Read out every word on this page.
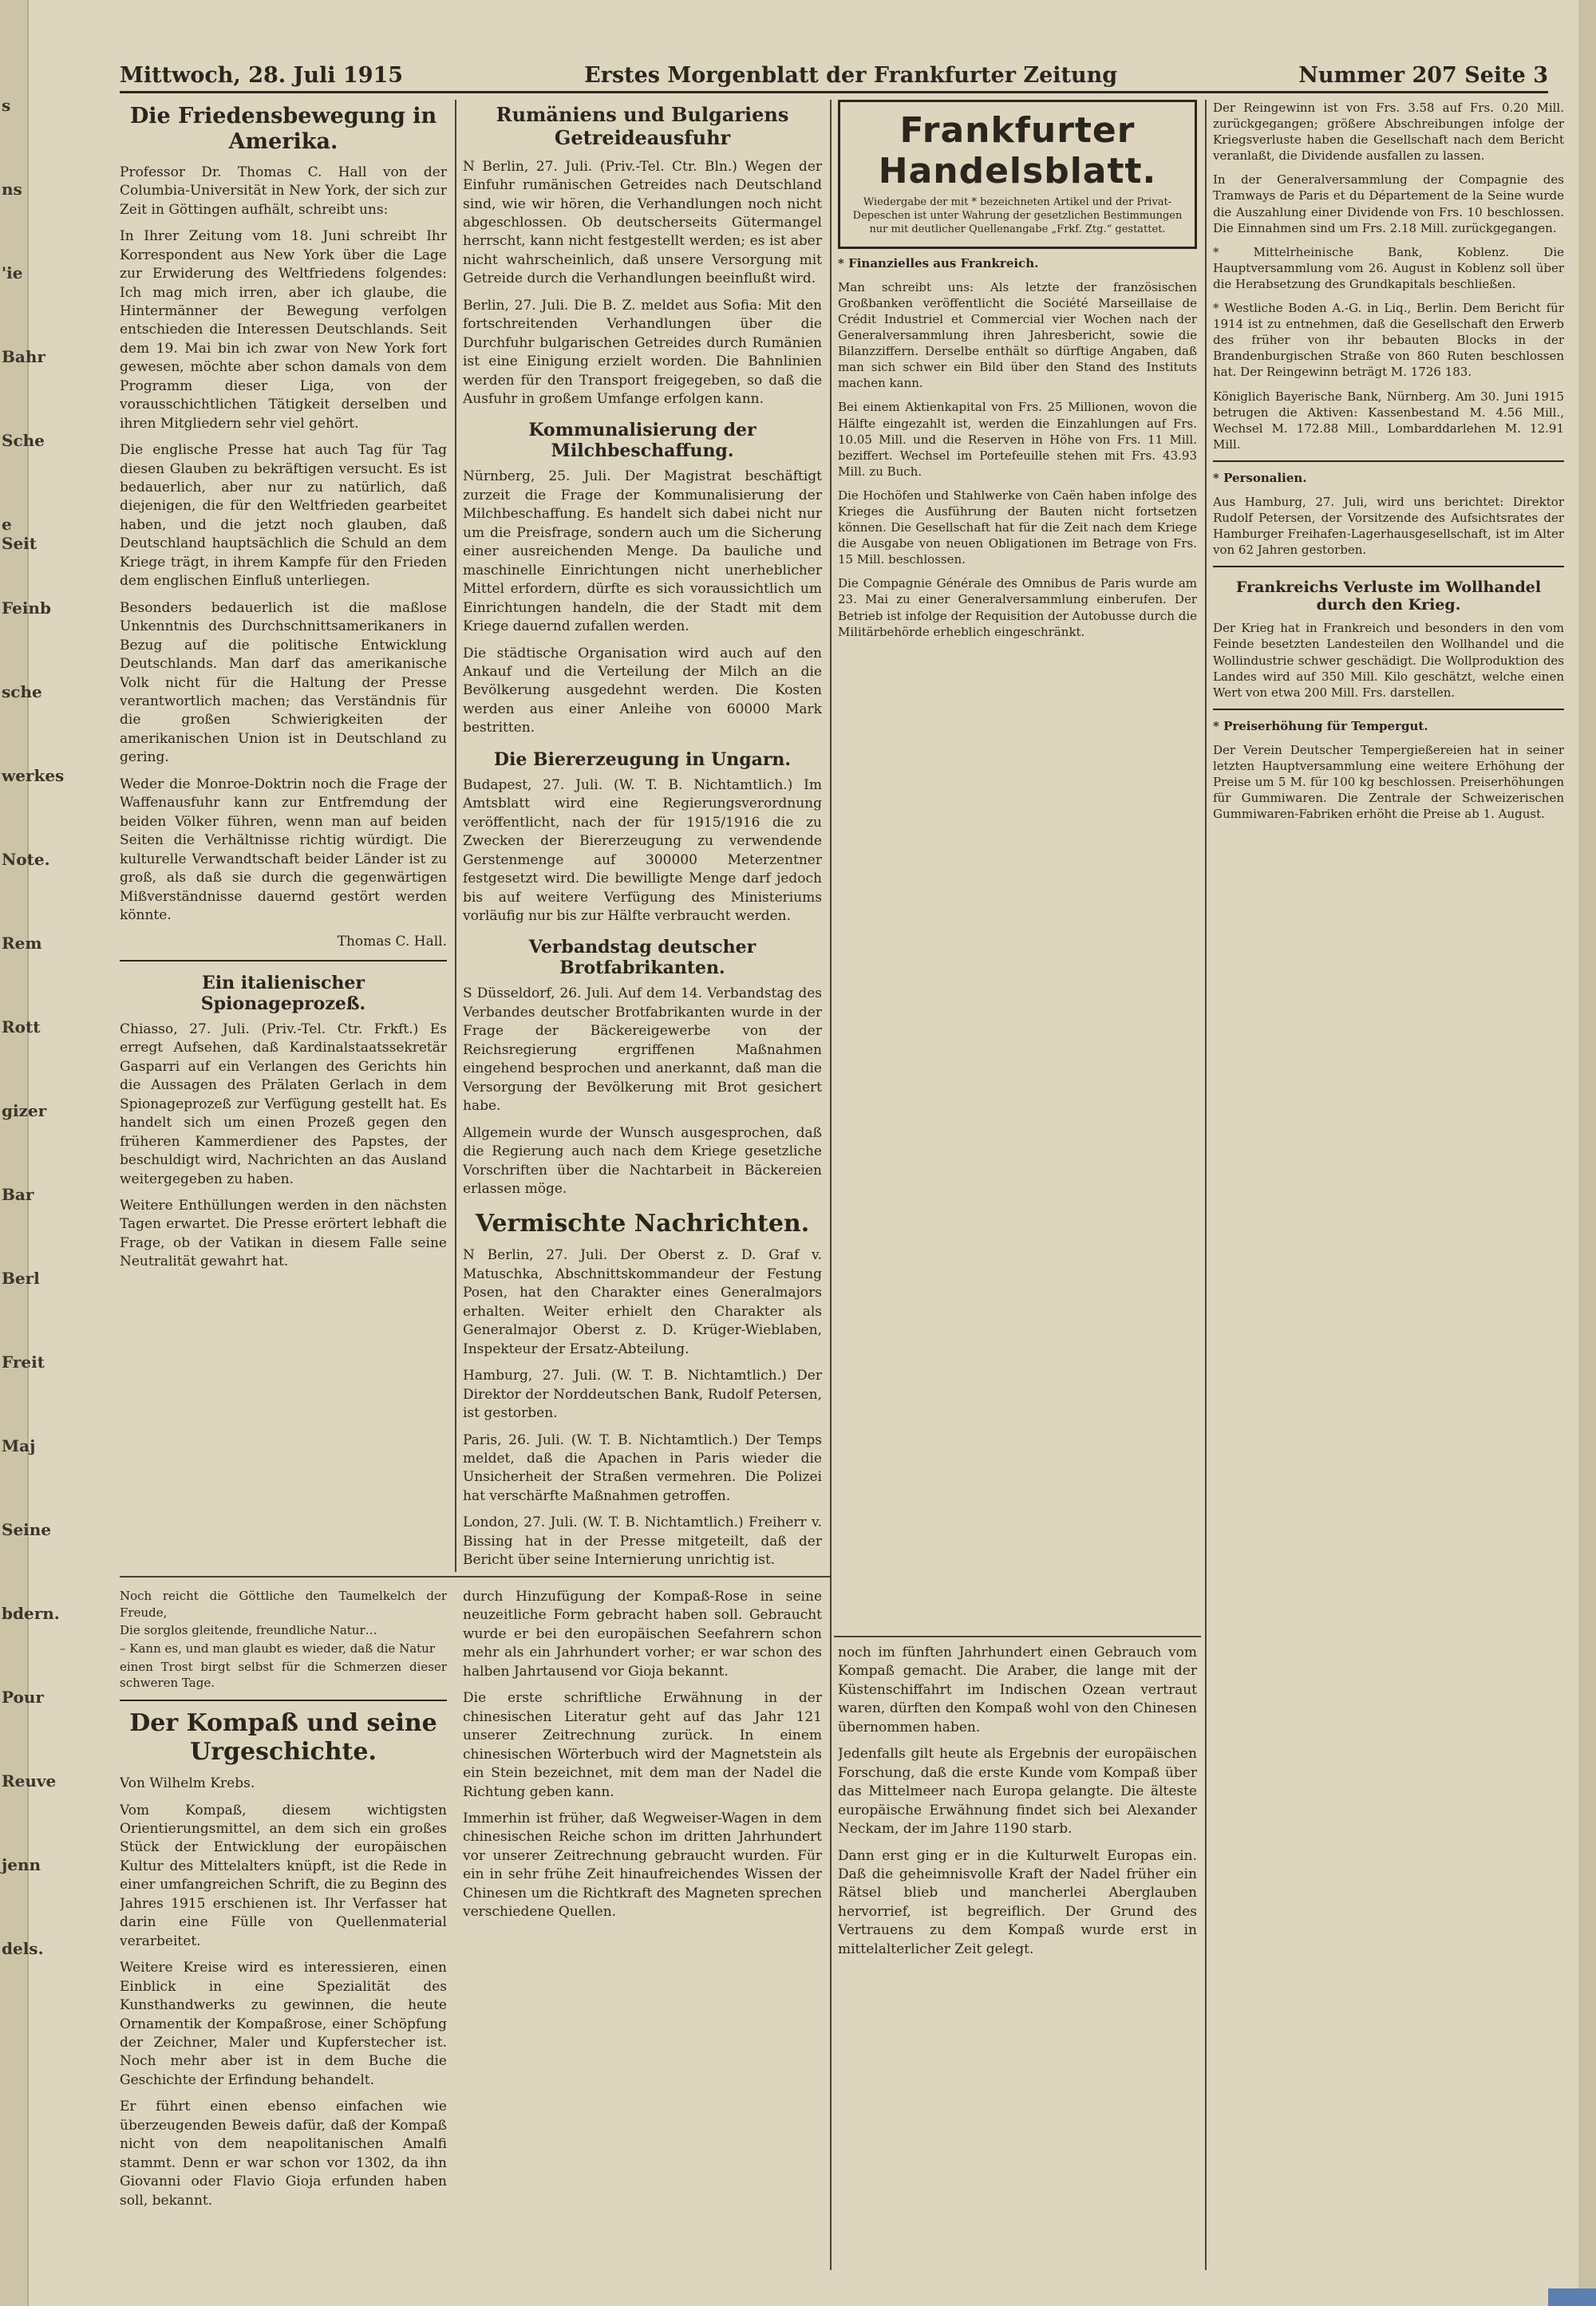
s
ns
'ie
Bahr
Sche
e Seit
Feinb
sche
werkes
Note.
Rem
Rott
gizer
Bar
Berl
Freit
Maj
Seine
bdern.
Pour
Reuve
jenn
dels.
Mittwoch, 28. Juli 1915	Erstes Morgenblatt der Frankfurter Zeitung	Nummer 207 Seite 3
Die Friedensbewegung in Amerika.

Professor Dr. Thomas C. Hall von der Columbia-Universität in New York, der sich zur Zeit in Göttingen aufhält, schreibt uns:

In Ihrer Zeitung vom 18. Juni schreibt Ihr Korrespondent aus New York über die Lage zur Erwiderung des Weltfriedens folgendes: Ich mag mich irren, aber ich glaube, die Hintermänner der Bewegung verfolgen entschieden die Interessen Deutschlands. Seit dem 19. Mai bin ich zwar von New York fort gewesen, möchte aber schon damals von dem Programm dieser Liga, von der vorausschichtlichen Tätigkeit derselben und ihren Mitgliedern sehr viel gehört.

Die englische Presse hat auch Tag für Tag diesen Glauben zu bekräftigen versucht. Es ist bedauerlich, aber nur zu natürlich, daß diejenigen, die für den Weltfrieden gearbeitet haben, und die jetzt noch glauben, daß Deutschland hauptsächlich die Schuld an dem Kriege trägt, in ihrem Kampfe für den Frieden dem englischen Einfluß unterliegen.

Besonders bedauerlich ist die maßlose Unkenntnis des Durchschnittsamerikaners in Bezug auf die politische Entwicklung Deutschlands. Man darf das amerikanische Volk nicht für die Haltung der Presse verantwortlich machen; das Verständnis für die großen Schwierigkeiten der amerikanischen Union ist in Deutschland zu gering.

Weder die Monroe-Doktrin noch die Frage der Waffenausfuhr kann zur Entfremdung der beiden Völker führen, wenn man auf beiden Seiten die Verhältnisse richtig würdigt. Die kulturelle Verwandtschaft beider Länder ist zu groß, als daß sie durch die gegenwärtigen Mißverständnisse dauernd gestört werden könnte.

Thomas C. Hall.

Ein italienischer Spionageprozeß.

Chiasso, 27. Juli. (Priv.-Tel. Ctr. Frkft.) Es erregt Aufsehen, daß Kardinalstaatssekretär Gasparri auf ein Verlangen des Gerichts hin die Aussagen des Prälaten Gerlach in dem Spionageprozeß zur Verfügung gestellt hat. Es handelt sich um einen Prozeß gegen den früheren Kammerdiener des Papstes, der beschuldigt wird, Nachrichten an das Ausland weitergegeben zu haben.

Weitere Enthüllungen werden in den nächsten Tagen erwartet. Die Presse erörtert lebhaft die Frage, ob der Vatikan in diesem Falle seine Neutralität gewahrt hat.

Rumäniens und Bulgariens Getreideausfuhr

N Berlin, 27. Juli. (Priv.-Tel. Ctr. Bln.) Wegen der Einfuhr rumänischen Getreides nach Deutschland sind, wie wir hören, die Verhandlungen noch nicht abgeschlossen. Ob deutscherseits Gütermangel herrscht, kann nicht festgestellt werden; es ist aber nicht wahrscheinlich, daß unsere Versorgung mit Getreide durch die Verhandlungen beeinflußt wird.

Berlin, 27. Juli. Die B. Z. meldet aus Sofia: Mit den fortschreitenden Verhandlungen über die Durchfuhr bulgarischen Getreides durch Rumänien ist eine Einigung erzielt worden. Die Bahnlinien werden für den Transport freigegeben, so daß die Ausfuhr in großem Umfange erfolgen kann.

Kommunalisierung der Milchbeschaffung.

Nürnberg, 25. Juli. Der Magistrat beschäftigt zurzeit die Frage der Kommunalisierung der Milchbeschaffung. Es handelt sich dabei nicht nur um die Preisfrage, sondern auch um die Sicherung einer ausreichenden Menge. Da bauliche und maschinelle Einrichtungen nicht unerheblicher Mittel erfordern, dürfte es sich voraussichtlich um Einrichtungen handeln, die der Stadt mit dem Kriege dauernd zufallen werden.

Die städtische Organisation wird auch auf den Ankauf und die Verteilung der Milch an die Bevölkerung ausgedehnt werden. Die Kosten werden aus einer Anleihe von 60000 Mark bestritten.

Die Biererzeugung in Ungarn.

Budapest, 27. Juli. (W. T. B. Nichtamtlich.) Im Amtsblatt wird eine Regierungsverordnung veröffentlicht, nach der für 1915/1916 die zu Zwecken der Biererzeugung zu verwendende Gerstenmenge auf 300000 Meterzentner festgesetzt wird. Die bewilligte Menge darf jedoch bis auf weitere Verfügung des Ministeriums vorläufig nur bis zur Hälfte verbraucht werden.

Verbandstag deutscher Brotfabrikanten.

S Düsseldorf, 26. Juli. Auf dem 14. Verbandstag des Verbandes deutscher Brotfabrikanten wurde in der Frage der Bäckereigewerbe von der Reichsregierung ergriffenen Maßnahmen eingehend besprochen und anerkannt, daß man die Versorgung der Bevölkerung mit Brot gesichert habe.

Allgemein wurde der Wunsch ausgesprochen, daß die Regierung auch nach dem Kriege gesetzliche Vorschriften über die Nachtarbeit in Bäckereien erlassen möge.

Vermischte Nachrichten.

N Berlin, 27. Juli. Der Oberst z. D. Graf v. Matuschka, Abschnittskommandeur der Festung Posen, hat den Charakter eines Generalmajors erhalten. Weiter erhielt den Charakter als Generalmajor Oberst z. D. Krüger-Wieblaben, Inspekteur der Ersatz-Abteilung.

Hamburg, 27. Juli. (W. T. B. Nichtamtlich.) Der Direktor der Norddeutschen Bank, Rudolf Petersen, ist gestorben.

Paris, 26. Juli. (W. T. B. Nichtamtlich.) Der Temps meldet, daß die Apachen in Paris wieder die Unsicherheit der Straßen vermehren. Die Polizei hat verschärfte Maßnahmen getroffen.

London, 27. Juli. (W. T. B. Nichtamtlich.) Freiherr v. Bissing hat in der Presse mitgeteilt, daß der Bericht über seine Internierung unrichtig ist.

Frankfurter Handelsblatt.
Wiedergabe der mit * bezeichneten Artikel und der Privat-Depeschen ist unter Wahrung der gesetzlichen Bestimmungen nur mit deutlicher Quellenangabe „Frkf. Ztg.“ gestattet.

* Finanzielles aus Frankreich.

Man schreibt uns: Als letzte der französischen Großbanken veröffentlicht die Société Marseillaise de Crédit Industriel et Commercial vier Wochen nach der Generalversammlung ihren Jahresbericht, sowie die Bilanzziffern. Derselbe enthält so dürftige Angaben, daß man sich schwer ein Bild über den Stand des Instituts machen kann.

Bei einem Aktienkapital von Frs. 25 Millionen, wovon die Hälfte eingezahlt ist, werden die Einzahlungen auf Frs. 10.05 Mill. und die Reserven in Höhe von Frs. 11 Mill. beziffert. Wechsel im Portefeuille stehen mit Frs. 43.93 Mill. zu Buch.

Die Hochöfen und Stahlwerke von Caën haben infolge des Krieges die Ausführung der Bauten nicht fortsetzen können. Die Gesellschaft hat für die Zeit nach dem Kriege die Ausgabe von neuen Obligationen im Betrage von Frs. 15 Mill. beschlossen.

Die Compagnie Générale des Omnibus de Paris wurde am 23. Mai zu einer Generalversammlung einberufen. Der Betrieb ist infolge der Requisition der Autobusse durch die Militärbehörde erheblich eingeschränkt.

Der Reingewinn ist von Frs. 3.58 auf Frs. 0.20 Mill. zurückgegangen; größere Abschreibungen infolge der Kriegsverluste haben die Gesellschaft nach dem Bericht veranlaßt, die Dividende ausfallen zu lassen.

In der Generalversammlung der Compagnie des Tramways de Paris et du Département de la Seine wurde die Auszahlung einer Dividende von Frs. 10 beschlossen. Die Einnahmen sind um Frs. 2.18 Mill. zurückgegangen.

* Mittelrheinische Bank, Koblenz. Die Hauptversammlung vom 26. August in Koblenz soll über die Herabsetzung des Grundkapitals beschließen.

* Westliche Boden A.-G. in Liq., Berlin. Dem Bericht für 1914 ist zu entnehmen, daß die Gesellschaft den Erwerb des früher von ihr bebauten Blocks in der Brandenburgischen Straße von 860 Ruten beschlossen hat. Der Reingewinn beträgt M. 1726 183.

Königlich Bayerische Bank, Nürnberg. Am 30. Juni 1915 betrugen die Aktiven: Kassenbestand M. 4.56 Mill., Wechsel M. 172.88 Mill., Lombarddarlehen M. 12.91 Mill.

* Personalien.

Aus Hamburg, 27. Juli, wird uns berichtet: Direktor Rudolf Petersen, der Vorsitzende des Aufsichtsrates der Hamburger Freihafen-Lagerhausgesellschaft, ist im Alter von 62 Jahren gestorben.

Frankreichs Verluste im Wollhandel durch den Krieg.

Der Krieg hat in Frankreich und besonders in den vom Feinde besetzten Landesteilen den Wollhandel und die Wollindustrie schwer geschädigt. Die Wollproduktion des Landes wird auf 350 Mill. Kilo geschätzt, welche einen Wert von etwa 200 Mill. Frs. darstellen.

* Preiserhöhung für Tempergut.

Der Verein Deutscher Tempergießereien hat in seiner letzten Hauptversammlung eine weitere Erhöhung der Preise um 5 M. für 100 kg beschlossen. Preiserhöhungen für Gummiwaren. Die Zentrale der Schweizerischen Gummiwaren-Fabriken erhöht die Preise ab 1. August.

Noch reicht die Göttliche den Taumelkelch der Freude,

Die sorglos gleitende, freundliche Natur…

– Kann es, und man glaubt es wieder, daß die Natur

einen Trost birgt selbst für die Schmerzen dieser schweren Tage.

Der Kompaß und seine Urgeschichte.

Von Wilhelm Krebs.

Vom Kompaß, diesem wichtigsten Orientierungsmittel, an dem sich ein großes Stück der Entwicklung der europäischen Kultur des Mittelalters knüpft, ist die Rede in einer umfangreichen Schrift, die zu Beginn des Jahres 1915 erschienen ist. Ihr Verfasser hat darin eine Fülle von Quellenmaterial verarbeitet.

Weitere Kreise wird es interessieren, einen Einblick in eine Spezialität des Kunsthandwerks zu gewinnen, die heute Ornamentik der Kompaßrose, einer Schöpfung der Zeichner, Maler und Kupferstecher ist. Noch mehr aber ist in dem Buche die Geschichte der Erfindung behandelt.

Er führt einen ebenso einfachen wie überzeugenden Beweis dafür, daß der Kompaß nicht von dem neapolitanischen Amalfi stammt. Denn er war schon vor 1302, da ihn Giovanni oder Flavio Gioja erfunden haben soll, bekannt.

durch Hinzufügung der Kompaß-Rose in seine neuzeitliche Form gebracht haben soll. Gebraucht wurde er bei den europäischen Seefahrern schon mehr als ein Jahrhundert vorher; er war schon des halben Jahrtausend vor Gioja bekannt.

Die erste schriftliche Erwähnung in der chinesischen Literatur geht auf das Jahr 121 unserer Zeitrechnung zurück. In einem chinesischen Wörterbuch wird der Magnetstein als ein Stein bezeichnet, mit dem man der Nadel die Richtung geben kann.

Immerhin ist früher, daß Wegweiser-Wagen in dem chinesischen Reiche schon im dritten Jahrhundert vor unserer Zeitrechnung gebraucht wurden. Für ein in sehr frühe Zeit hinaufreichendes Wissen der Chinesen um die Richtkraft des Magneten sprechen verschiedene Quellen.

noch im fünften Jahrhundert einen Gebrauch vom Kompaß gemacht. Die Araber, die lange mit der Küstenschiffahrt im Indischen Ozean vertraut waren, dürften den Kompaß wohl von den Chinesen übernommen haben.

Jedenfalls gilt heute als Ergebnis der europäischen Forschung, daß die erste Kunde vom Kompaß über das Mittelmeer nach Europa gelangte. Die älteste europäische Erwähnung findet sich bei Alexander Neckam, der im Jahre 1190 starb.

Dann erst ging er in die Kulturwelt Europas ein. Daß die geheimnisvolle Kraft der Nadel früher ein Rätsel blieb und mancherlei Aberglauben hervorrief, ist begreiflich. Der Grund des Vertrauens zu dem Kompaß wurde erst in mittelalterlicher Zeit gelegt.
